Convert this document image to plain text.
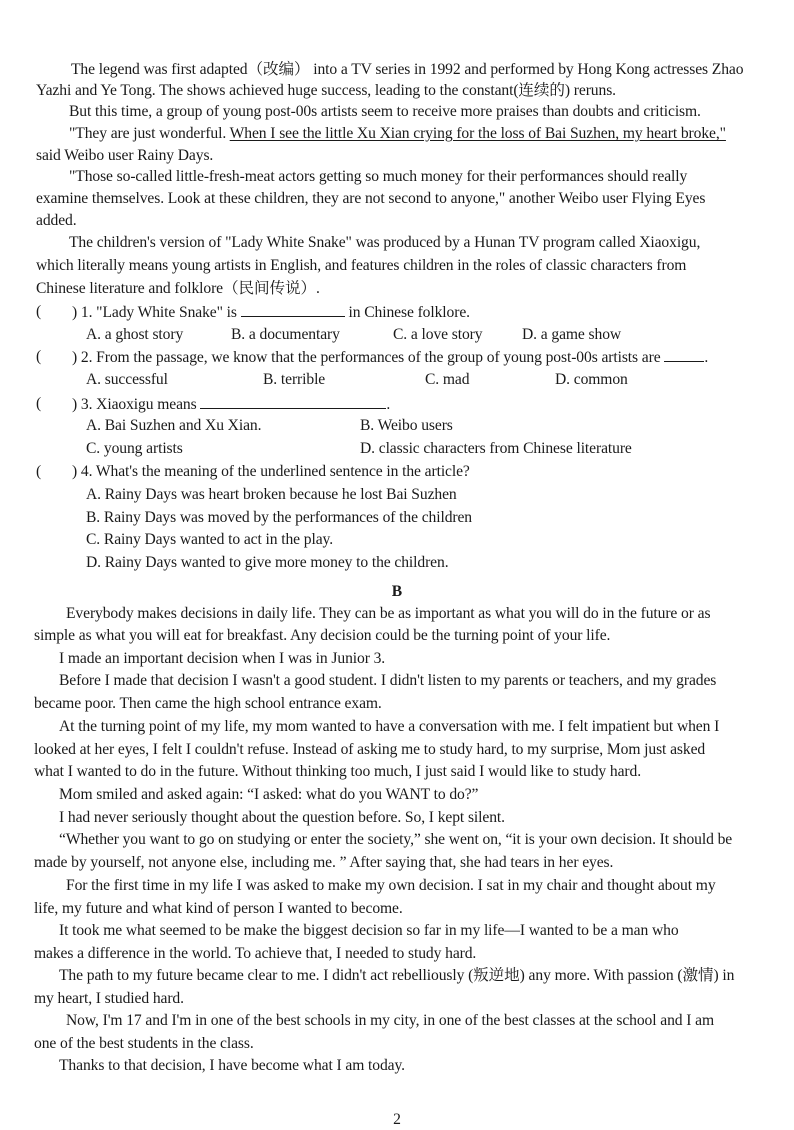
The legend was first adapted（改编） into a TV series in 1992 and performed by Hong Kong actresses Zhao
Yazhi and Ye Tong. The shows achieved huge success, leading to the constant(连续的) reruns.
But this time, a group of young post-00s artists seem to receive more praises than doubts and criticism.
"They are just wonderful. When I see the little Xu Xian crying for the loss of Bai Suzhen, my heart broke,"
said Weibo user Rainy Days.
"Those so-called little-fresh-meat actors getting so much money for their performances should really
examine themselves. Look at these children, they are not second to anyone," another Weibo user Flying Eyes
added.
The children's version of "Lady White Snake" was produced by a Hunan TV program called Xiaoxigu,
which literally means young artists in English, and features children in the roles of classic characters from
Chinese literature and folklore（民间传说）.
( ) 1. "Lady White Snake" is	in Chinese folklore.
A. a ghost story	B. a documentary	C. a love story	D. a game show
( ) 2. From the passage, we know that the performances of the group of young post-00s artists are	.
A. successful	B. terrible	C. mad	D. common
( ) 3. Xiaoxigu means	.
A. Bai Suzhen and Xu Xian.	B. Weibo users
C. young artists	D. classic characters from Chinese literature
( ) 4. What's the meaning of the underlined sentence in the article?
A. Rainy Days was heart broken because he lost Bai Suzhen
B. Rainy Days was moved by the performances of the children
C. Rainy Days wanted to act in the play.
D. Rainy Days wanted to give more money to the children.
B
Everybody makes decisions in daily life. They can be as important as what you will do in the future or as
simple as what you will eat for breakfast. Any decision could be the turning point of your life.
I made an important decision when I was in Junior 3.
Before I made that decision I wasn't a good student. I didn't listen to my parents or teachers, and my grades
became poor. Then came the high school entrance exam.
At the turning point of my life, my mom wanted to have a conversation with me. I felt impatient but when I
looked at her eyes, I felt I couldn't refuse. Instead of asking me to study hard, to my surprise, Mom just asked
what I wanted to do in the future. Without thinking too much, I just said I would like to study hard.
Mom smiled and asked again: “I asked: what do you WANT to do?”
I had never seriously thought about the question before. So, I kept silent.
“Whether you want to go on studying or enter the society,” she went on, “it is your own decision. It should be
made by yourself, not anyone else, including me. ” After saying that, she had tears in her eyes.
For the first time in my life I was asked to make my own decision. I sat in my chair and thought about my
life, my future and what kind of person I wanted to become.
It took me what seemed to be make the biggest decision so far in my life—I wanted to be a man who
makes a difference in the world. To achieve that, I needed to study hard.
The path to my future became clear to me. I didn't act rebelliously (叛逆地) any more. With passion (激情) in
my heart, I studied hard.
Now, I'm 17 and I'm in one of the best schools in my city, in one of the best classes at the school and I am
one of the best students in the class.
Thanks to that decision, I have become what I am today.
2
